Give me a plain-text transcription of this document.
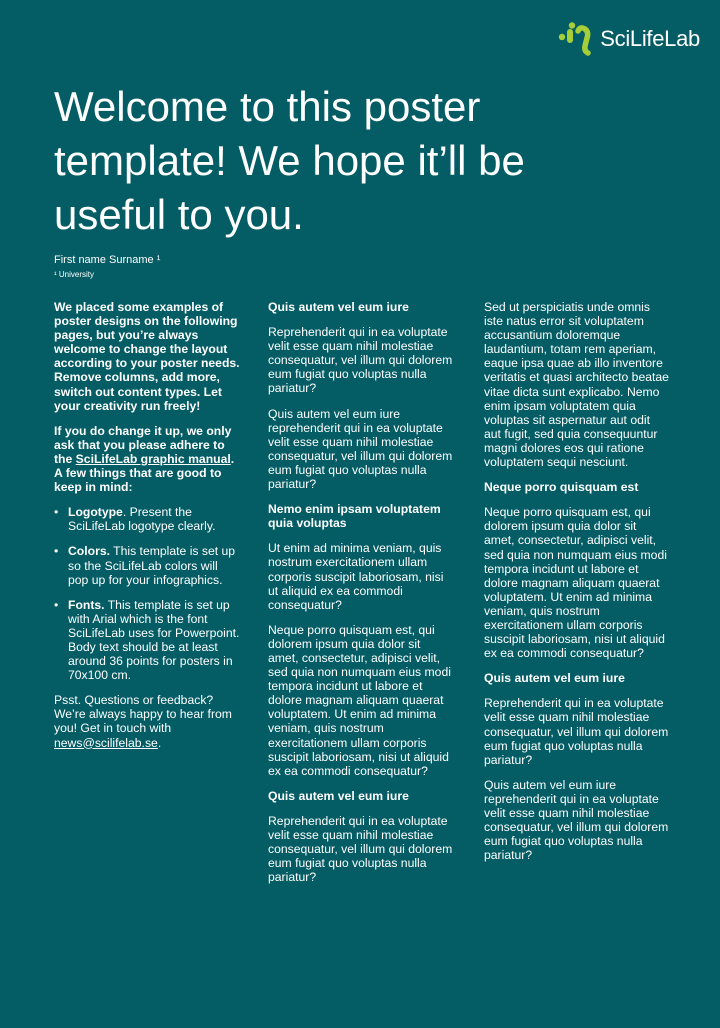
SciLifeLab
Welcome to this poster template! We hope it’ll be useful to you.

First name Surname ¹

¹ University

We placed some examples of poster designs on the following pages, but you’re always welcome to change the layout according to your poster needs. Remove columns, add more, switch out content types. Let your creativity run freely!

If you do change it up, we only ask that you please adhere to the SciLifeLab graphic manual. A few things that are good to keep in mind:

• Logotype. Present the SciLifeLab logotype clearly.
• Colors. This template is set up so the SciLifeLab colors will pop up for your infographics.
• Fonts. This template is set up with Arial which is the font SciLifeLab uses for Powerpoint. Body text should be at least around 36 points for posters in 70x100 cm.

Psst. Questions or feedback? We’re always happy to hear from you! Get in touch with news@scilifelab.se.

Quis autem vel eum iure

Reprehenderit qui in ea voluptate velit esse quam nihil molestiae consequatur, vel illum qui dolorem eum fugiat quo voluptas nulla pariatur?

Quis autem vel eum iure reprehenderit qui in ea voluptate velit esse quam nihil molestiae consequatur, vel illum qui dolorem eum fugiat quo voluptas nulla pariatur?

Nemo enim ipsam voluptatem quia voluptas

Ut enim ad minima veniam, quis nostrum exercitationem ullam corporis suscipit laboriosam, nisi ut aliquid ex ea commodi consequatur?

Neque porro quisquam est, qui dolorem ipsum quia dolor sit amet, consectetur, adipisci velit, sed quia non numquam eius modi tempora incidunt ut labore et dolore magnam aliquam quaerat voluptatem. Ut enim ad minima veniam, quis nostrum exercitationem ullam corporis suscipit laboriosam, nisi ut aliquid ex ea commodi consequatur?

Quis autem vel eum iure

Reprehenderit qui in ea voluptate velit esse quam nihil molestiae consequatur, vel illum qui dolorem eum fugiat quo voluptas nulla pariatur?

Sed ut perspiciatis unde omnis iste natus error sit voluptatem accusantium doloremque laudantium, totam rem aperiam, eaque ipsa quae ab illo inventore veritatis et quasi architecto beatae vitae dicta sunt explicabo. Nemo enim ipsam voluptatem quia voluptas sit aspernatur aut odit aut fugit, sed quia consequuntur magni dolores eos qui ratione voluptatem sequi nesciunt.

Neque porro quisquam est

Neque porro quisquam est, qui dolorem ipsum quia dolor sit amet, consectetur, adipisci velit, sed quia non numquam eius modi tempora incidunt ut labore et dolore magnam aliquam quaerat voluptatem. Ut enim ad minima veniam, quis nostrum exercitationem ullam corporis suscipit laboriosam, nisi ut aliquid ex ea commodi consequatur?

Quis autem vel eum iure

Reprehenderit qui in ea voluptate velit esse quam nihil molestiae consequatur, vel illum qui dolorem eum fugiat quo voluptas nulla pariatur?

Quis autem vel eum iure reprehenderit qui in ea voluptate velit esse quam nihil molestiae consequatur, vel illum qui dolorem eum fugiat quo voluptas nulla pariatur?
